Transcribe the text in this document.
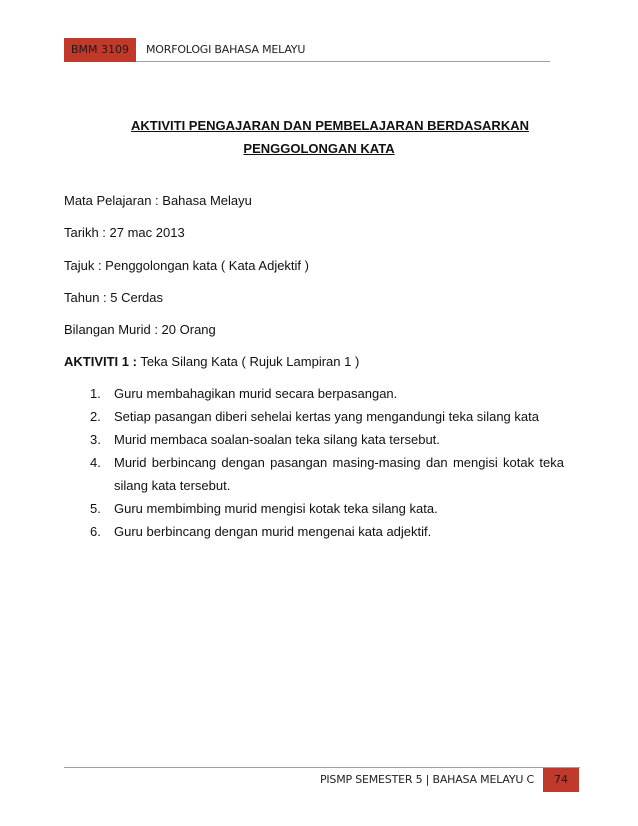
BMM 3109	MORFOLOGI BAHASA MELAYU
AKTIVITI PENGAJARAN DAN PEMBELAJARAN BERDASARKAN
PENGGOLONGAN KATA
Mata Pelajaran : Bahasa Melayu
Tarikh : 27 mac 2013
Tajuk : Penggolongan kata ( Kata Adjektif )
Tahun : 5 Cerdas
Bilangan Murid : 20 Orang
AKTIVITI 1 : Teka Silang Kata ( Rujuk Lampiran 1 )
1. Guru membahagikan murid secara berpasangan.
2. Setiap pasangan diberi sehelai kertas yang mengandungi teka silang kata
3. Murid membaca soalan-soalan teka silang kata tersebut.
4. Murid berbincang dengan pasangan masing-masing dan mengisi kotak teka silang kata tersebut.
5. Guru membimbing murid mengisi kotak teka silang kata.
6. Guru berbincang dengan murid mengenai kata adjektif.
PISMP SEMESTER 5 | BAHASA MELAYU C	74
